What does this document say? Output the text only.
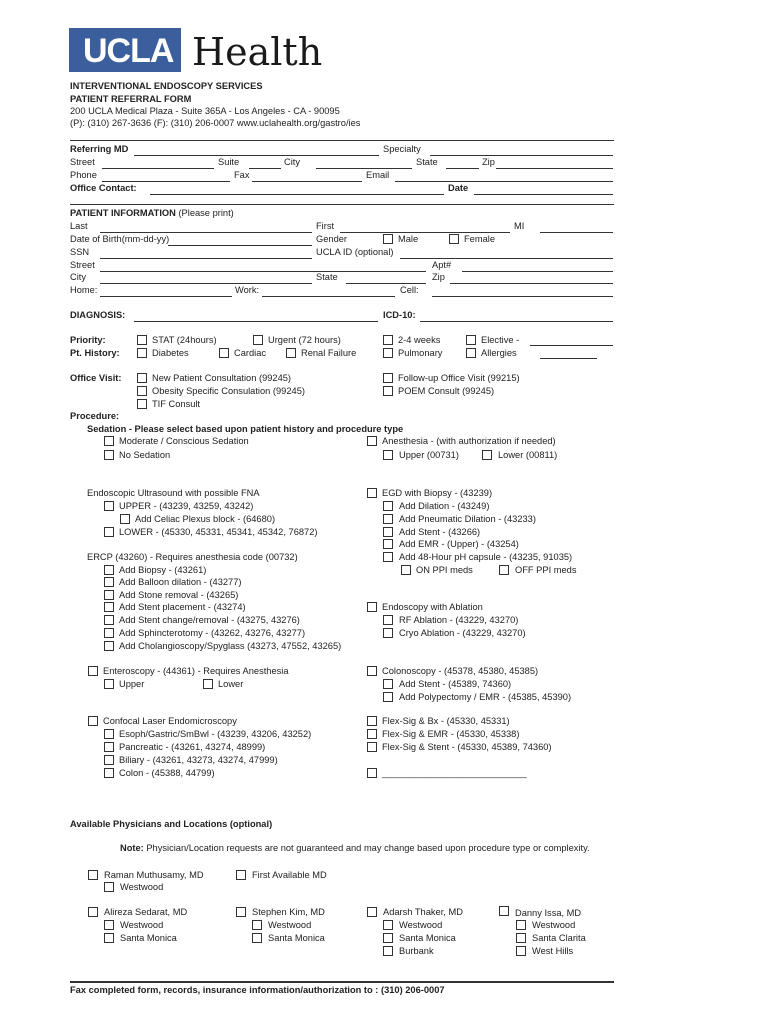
UCLA Health
INTERVENTIONAL ENDOSCOPY SERVICES
PATIENT REFERRAL FORM
200 UCLA Medical Plaza - Suite 365A - Los Angeles - CA - 90095
(P): (310) 267-3636 (F): (310) 206-0007 www.uclahealth.org/gastro/ies
Referring MD	Specialty
Street	Suite	City	State	Zip
Phone	Fax	Email
Office Contact:	Date
PATIENT INFORMATION (Please print)
Last	First	MI
Date of Birth(mm-dd-yy)	Gender	Male	Female
SSN	UCLA ID (optional)
Street	Apt#
City	State	Zip
Home:	Work:	Cell:
DIAGNOSIS:	ICD-10:
Priority:	STAT (24hours)	Urgent (72 hours)	2-4 weeks	Elective -
Pt. History:	Diabetes	Cardiac	Renal Failure	Pulmonary	Allergies
Office Visit:	New Patient Consultation (99245)
Obesity Specific Consulation (99245)
TIF Consult
Follow-up Office Visit (99215)
POEM Consult (99245)
Procedure:
Sedation - Please select based upon patient history and procedure type
Moderate / Conscious Sedation
No Sedation
Anesthesia - (with authorization if needed)
Upper (00731)	Lower (00811)
Endoscopic Ultrasound with possible FNA
UPPER - (43239, 43259, 43242)
Add Celiac Plexus block - (64680)
LOWER - (45330, 45331, 45341, 45342, 76872)
EGD with Biopsy - (43239)
Add Dilation - (43249)
Add Pneumatic Dilation - (43233)
Add Stent - (43266)
Add EMR - (Upper) - (43254)
Add 48-Hour pH capsule - (43235, 91035)
ON PPI meds	OFF PPI meds
ERCP (43260) - Requires anesthesia code (00732)
Add Biopsy - (43261)
Add Balloon dilation - (43277)
Add Stone removal - (43265)
Add Stent placement - (43274)
Add Stent change/removal - (43275, 43276)
Add Sphincterotomy - (43262, 43276, 43277)
Add Cholangioscopy/Spyglass (43273, 47552, 43265)
Endoscopy with Ablation
RF Ablation - (43229, 43270)
Cryo Ablation - (43229, 43270)
Enteroscopy - (44361) - Requires Anesthesia
Upper	Lower
Colonoscopy - (45378, 45380, 45385)
Add Stent - (45389, 74360)
Add Polypectomy / EMR - (45385, 45390)
Confocal Laser Endomicroscopy
Esoph/Gastric/SmBwl - (43239, 43206, 43252)
Pancreatic - (43261, 43274, 48999)
Biliary - (43261, 43273, 43274, 47999)
Colon - (45388, 44799)
Flex-Sig & Bx - (45330, 45331)
Flex-Sig & EMR - (45330, 45338)
Flex-Sig & Stent - (45330, 45389, 74360)
____________________________
Available Physicians and Locations (optional)
Note: Physician/Location requests are not guaranteed and may change based upon procedure type or complexity.
Raman Muthusamy, MD
Westwood
First Available MD
Alireza Sedarat, MD
Westwood
Santa Monica
Stephen Kim, MD
Westwood
Santa Monica
Adarsh Thaker, MD
Westwood
Santa Monica
Burbank
Danny Issa, MD
Westwood
Santa Clarita
West Hills
Fax completed form, records, insurance information/authorization to : (310) 206-0007
